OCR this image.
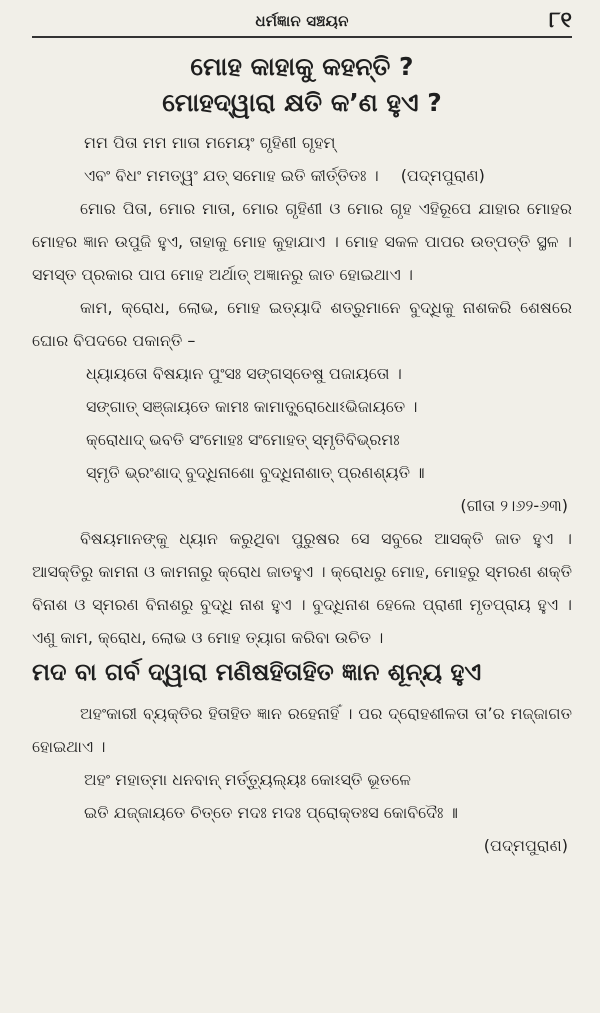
ଧର୍ମଜ୍ଞାନ ସଞ୍ଚୟନ	୮୧
ମୋହ କାହାକୁ କହନ୍ତି ?
ମୋହଦ୍ୱାରା କ୍ଷତି କ’ଣ ହୁଏ ?
ମମ ପିତା ମମ ମାତା ମମେୟଂ ଗୃହିଣୀ ଗୃହମ୍
ଏବଂ ବିଧଂ ମମତ୍ୱଂ ଯତ୍ ସମୋହ ଇତି କୀର୍ତ୍ତିତଃ । (ପଦ୍ମପୁରାଣ)

ମୋର ପିତା, ମୋର ମାତା, ମୋର ଗୃହିଣୀ ଓ ମୋର ଗୃହ ଏହିରୂପେ ଯାହାର ମୋହର ମୋହର ଜ୍ଞାନ ଉପୁଜି ହୁଏ, ତାହାକୁ ମୋହ କୁହାଯାଏ । ମୋହ ସକଳ ପାପର ଉତ୍ପତ୍ତି ସ୍ଥଳ । ସମସ୍ତ ପ୍ରକାର ପାପ ମୋହ ଅର୍ଥାତ୍ ଅଜ୍ଞାନରୁ ଜାତ ହୋଇଥାଏ ।

କାମ, କ୍ରୋଧ, ଲୋଭ, ମୋହ ଇତ୍ୟାଦି ଶତ୍ରୁମାନେ ବୁଦ୍ଧିକୁ ନାଶକରି ଶେଷରେ ଘୋର ବିପଦରେ ପକାନ୍ତି –

ଧ୍ୟାୟତୋ ବିଷୟାନ ପୁଂସଃ ସଙ୍ଗସ୍ତେଷୁ ପଜାୟତୋ ।
ସଙ୍ଗାତ୍ ସଞ୍ଜାୟତେ କାମଃ କାମାତ୍କ୍ରୋଧୋଽଭିଜାୟତେ ।
କ୍ରୋଧାଦ୍ ଭବତି ସଂମୋହଃ ସଂମୋହତ୍ ସ୍ମୃତିବିଭ୍ରମଃ
ସ୍ମୃତି ଭ୍ରଂଶାଦ୍ ବୁଦ୍ଧିନାଶୋ ବୁଦ୍ଧିନାଶାତ୍ ପ୍ରଣଶ୍ୟତି ॥

(ଗୀତା ୨।୬୨-୬୩)

ବିଷୟମାନଙ୍କୁ ଧ୍ୟାନ କରୁଥିବା ପୁରୁଷର ସେ ସବୁରେ ଆସକ୍ତି ଜାତ ହୁଏ । ଆସକ୍ତିରୁ କାମନା ଓ କାମନାରୁ କ୍ରୋଧ ଜାତହୁଏ । କ୍ରୋଧରୁ ମୋହ, ମୋହରୁ ସ୍ମରଣ ଶକ୍ତି ବିନାଶ ଓ ସ୍ମରଣ ବିନାଶରୁ ବୁଦ୍ଧି ନାଶ ହୁଏ । ବୁଦ୍ଧିନାଶ ହେଲେ ପ୍ରାଣୀ ମୃତପ୍ରାୟ ହୁଏ । ଏଣୁ କାମ, କ୍ରୋଧ, ଲୋଭ ଓ ମୋହ ତ୍ୟାଗ କରିବା ଉଚିତ ।

ମଦ ବା ଗର୍ବ ଦ୍ୱାରା ମଣିଷହିତାହିତ ଜ୍ଞାନ ଶୂନ୍ୟ ହୁଏ

ଅହଂକାରୀ ବ୍ୟକ୍ତିର ହିତାହିତ ଜ୍ଞାନ ରହେନାହିଁ । ପର ଦ୍ରୋହଶୀଳତା ତା’ର ମଜ୍ଜାଗତ ହୋଇଥାଏ ।

ଅହଂ ମହାତ୍ମା ଧନବାନ୍ ମର୍ତ୍ତ୍ୟୁଲ୍ୟଃ କୋଽସ୍ତି ଭୂତଳେ
ଇତି ଯଜ୍ଜାୟତେ ଚିତ୍ତେ ମଦଃ ମଦଃ ପ୍ରୋକ୍ତଃସ କୋବିଦୈଃ ॥

(ପଦ୍ମପୁରାଣ)
